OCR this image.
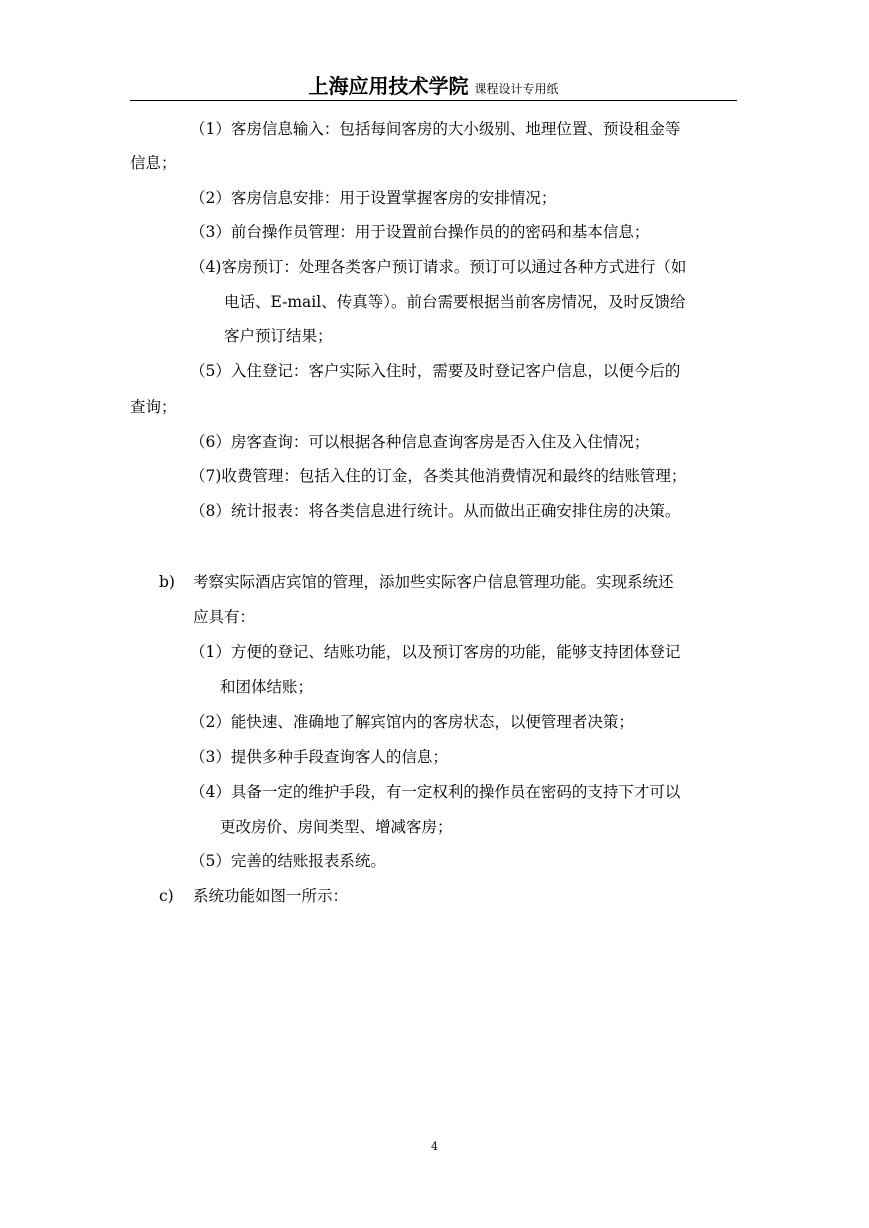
上海应用技术学院 课程设计专用纸
（1）客房信息输入：包括每间客房的大小级别、地理位置、预设租金等
信息；
（2）客房信息安排：用于设置掌握客房的安排情况；
（3）前台操作员管理：用于设置前台操作员的的密码和基本信息；
（4)客房预订：处理各类客户预订请求。预订可以通过各种方式进行（如
电话、E-mail、传真等）。前台需要根据当前客房情况，及时反馈给
客户预订结果；
（5）入住登记：客户实际入住时，需要及时登记客户信息，以便今后的
查询；
（6）房客查询：可以根据各种信息查询客房是否入住及入住情况；
（7)收费管理：包括入住的订金，各类其他消费情况和最终的结账管理；
（8）统计报表：将各类信息进行统计。从而做出正确安排住房的决策。
b) 考察实际酒店宾馆的管理，添加些实际客户信息管理功能。实现系统还
应具有：
（1）方便的登记、结账功能，以及预订客房的功能，能够支持团体登记
和团体结账；
（2）能快速、准确地了解宾馆内的客房状态，以便管理者决策；
（3）提供多种手段查询客人的信息；
（4）具备一定的维护手段，有一定权利的操作员在密码的支持下才可以
更改房价、房间类型、增减客房；
（5）完善的结账报表系统。
c) 系统功能如图一所示：
4
